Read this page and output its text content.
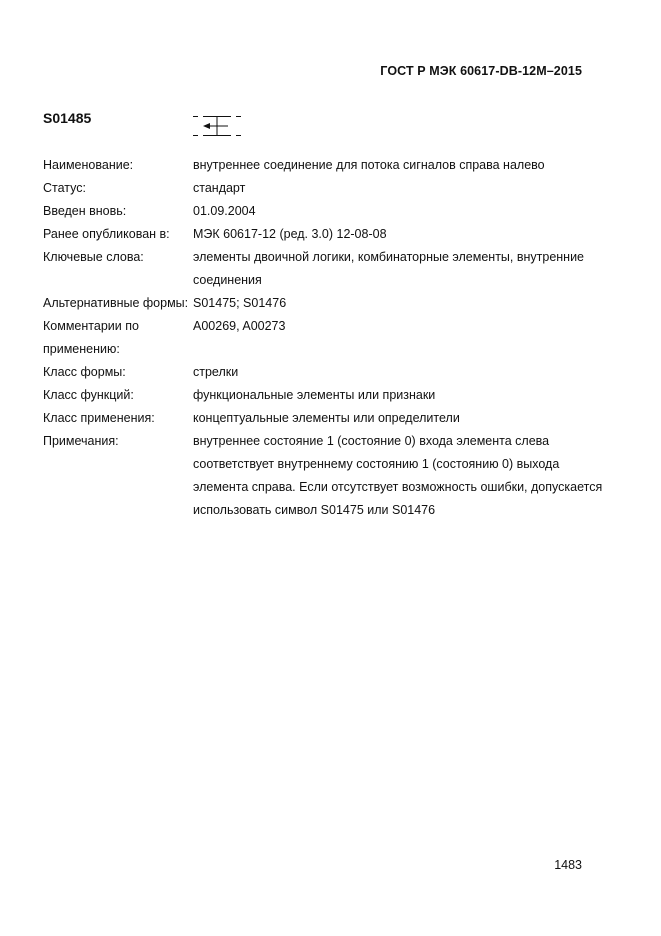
ГОСТ Р МЭК 60617-DB-12M–2015
S01485
Наименование:	внутреннее соединение для потока сигналов справа налево
Статус:	стандарт
Введен вновь:	01.09.2004
Ранее опубликован в:	МЭК 60617-12 (ред. 3.0) 12-08-08
Ключевые слова:	элементы двоичной логики, комбинаторные элементы, внутренние соединения
Альтернативные формы: S01475; S01476
Комментарии по применению:
A00269, A00273
Класс формы:	стрелки
Класс функций:	функциональные элементы или признаки
Класс применения:	концептуальные элементы или определители
Примечания:	внутреннее состояние 1 (состояние 0) входа элемента слева соответствует внутреннему состоянию 1 (состоянию 0) выхода элемента справа. Если отсутствует возможность ошибки, допускается использовать символ S01475 или S01476
1483
